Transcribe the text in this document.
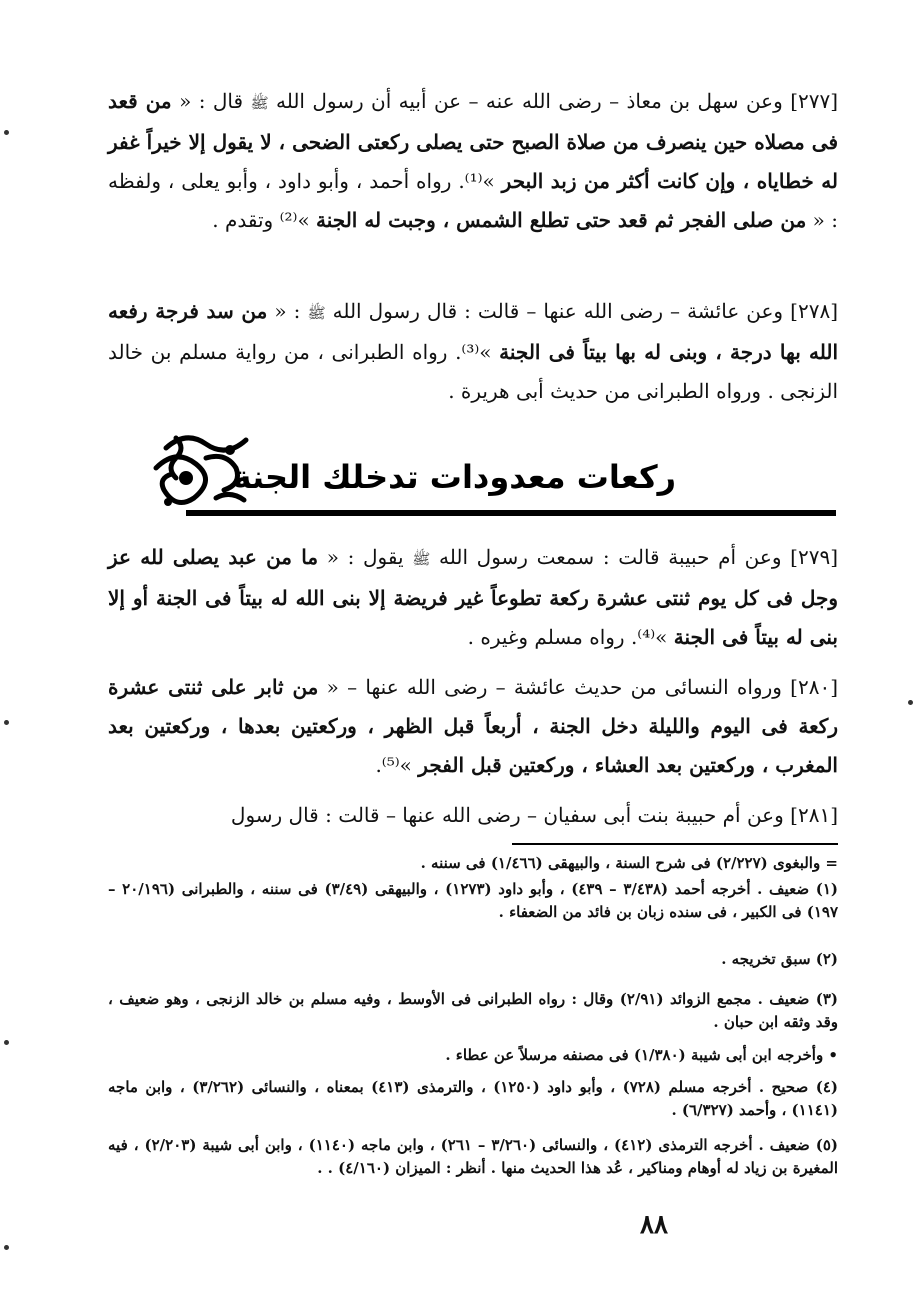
[٢٧٧] وعن سهل بن معاذ – رضى الله عنه – عن أبيه أن رسول الله ﷺ قال : « من قعد فى مصلاه حين ينصرف من صلاة الصبح حتى يصلى ركعتى الضحى ، لا يقول إلا خيراً غفر له خطاياه ، وإن كانت أكثر من زبد البحر »⁽¹⁾. رواه أحمد ، وأبو داود ، وأبو يعلى ، ولفظه : « من صلى الفجر ثم قعد حتى تطلع الشمس ، وجبت له الجنة »⁽²⁾ وتقدم .

[٢٧٨] وعن عائشة – رضى الله عنها – قالت : قال رسول الله ﷺ : « من سد فرجة رفعه الله بها درجة ، وبنى له بها بيتاً فى الجنة »⁽³⁾. رواه الطبرانى ، من رواية مسلم بن خالد الزنجى . ورواه الطبرانى من حديث أبى هريرة .

ركعات معدودات تدخلك الجنة

[٢٧٩] وعن أم حبيبة قالت : سمعت رسول الله ﷺ يقول : « ما من عبد يصلى لله عز وجل فى كل يوم ثنتى عشرة ركعة تطوعاً غير فريضة إلا بنى الله له بيتاً فى الجنة أو إلا بنى له بيتاً فى الجنة »⁽⁴⁾. رواه مسلم وغيره .

[٢٨٠] ورواه النسائى من حديث عائشة – رضى الله عنها – « من ثابر على ثنتى عشرة ركعة فى اليوم والليلة دخل الجنة ، أربعاً قبل الظهر ، وركعتين بعدها ، وركعتين بعد المغرب ، وركعتين بعد العشاء ، وركعتين قبل الفجر »⁽⁵⁾.

[٢٨١] وعن أم حبيبة بنت أبى سفيان – رضى الله عنها – قالت : قال رسول

= والبغوى (٢/٢٢٧) فى شرح السنة ، والبيهقى (١/٤٦٦) فى سننه .

(١) ضعيف . أخرجه أحمد (٣/٤٣٨ – ٤٣٩) ، وأبو داود (١٢٧٣) ، والبيهقى (٣/٤٩) فى سننه ، والطبرانى (٢٠/١٩٦ – ١٩٧) فى الكبير ، فى سنده زبان بن فائد من الضعفاء .

(٢) سبق تخريجه .

(٣) ضعيف . مجمع الزوائد (٢/٩١) وقال : رواه الطبرانى فى الأوسط ، وفيه مسلم بن خالد الزنجى ، وهو ضعيف ، وقد وثقه ابن حبان .

• وأخرجه ابن أبى شيبة (١/٣٨٠) فى مصنفه مرسلاً عن عطاء .

(٤) صحيح . أخرجه مسلم (٧٢٨) ، وأبو داود (١٢٥٠) ، والترمذى (٤١٣) بمعناه ، والنسائى (٣/٢٦٢) ، وابن ماجه (١١٤١) ، وأحمد (٦/٣٢٧) .

(٥) ضعيف . أخرجه الترمذى (٤١٢) ، والنسائى (٣/٢٦٠ – ٢٦١) ، وابن ماجه (١١٤٠) ، وابن أبى شيبة (٢/٢٠٣) ، فيه المغيرة بن زياد له أوهام ومناكير ، عُد هذا الحديث منها . أنظر : الميزان (٤/١٦٠) . .

٨٨
